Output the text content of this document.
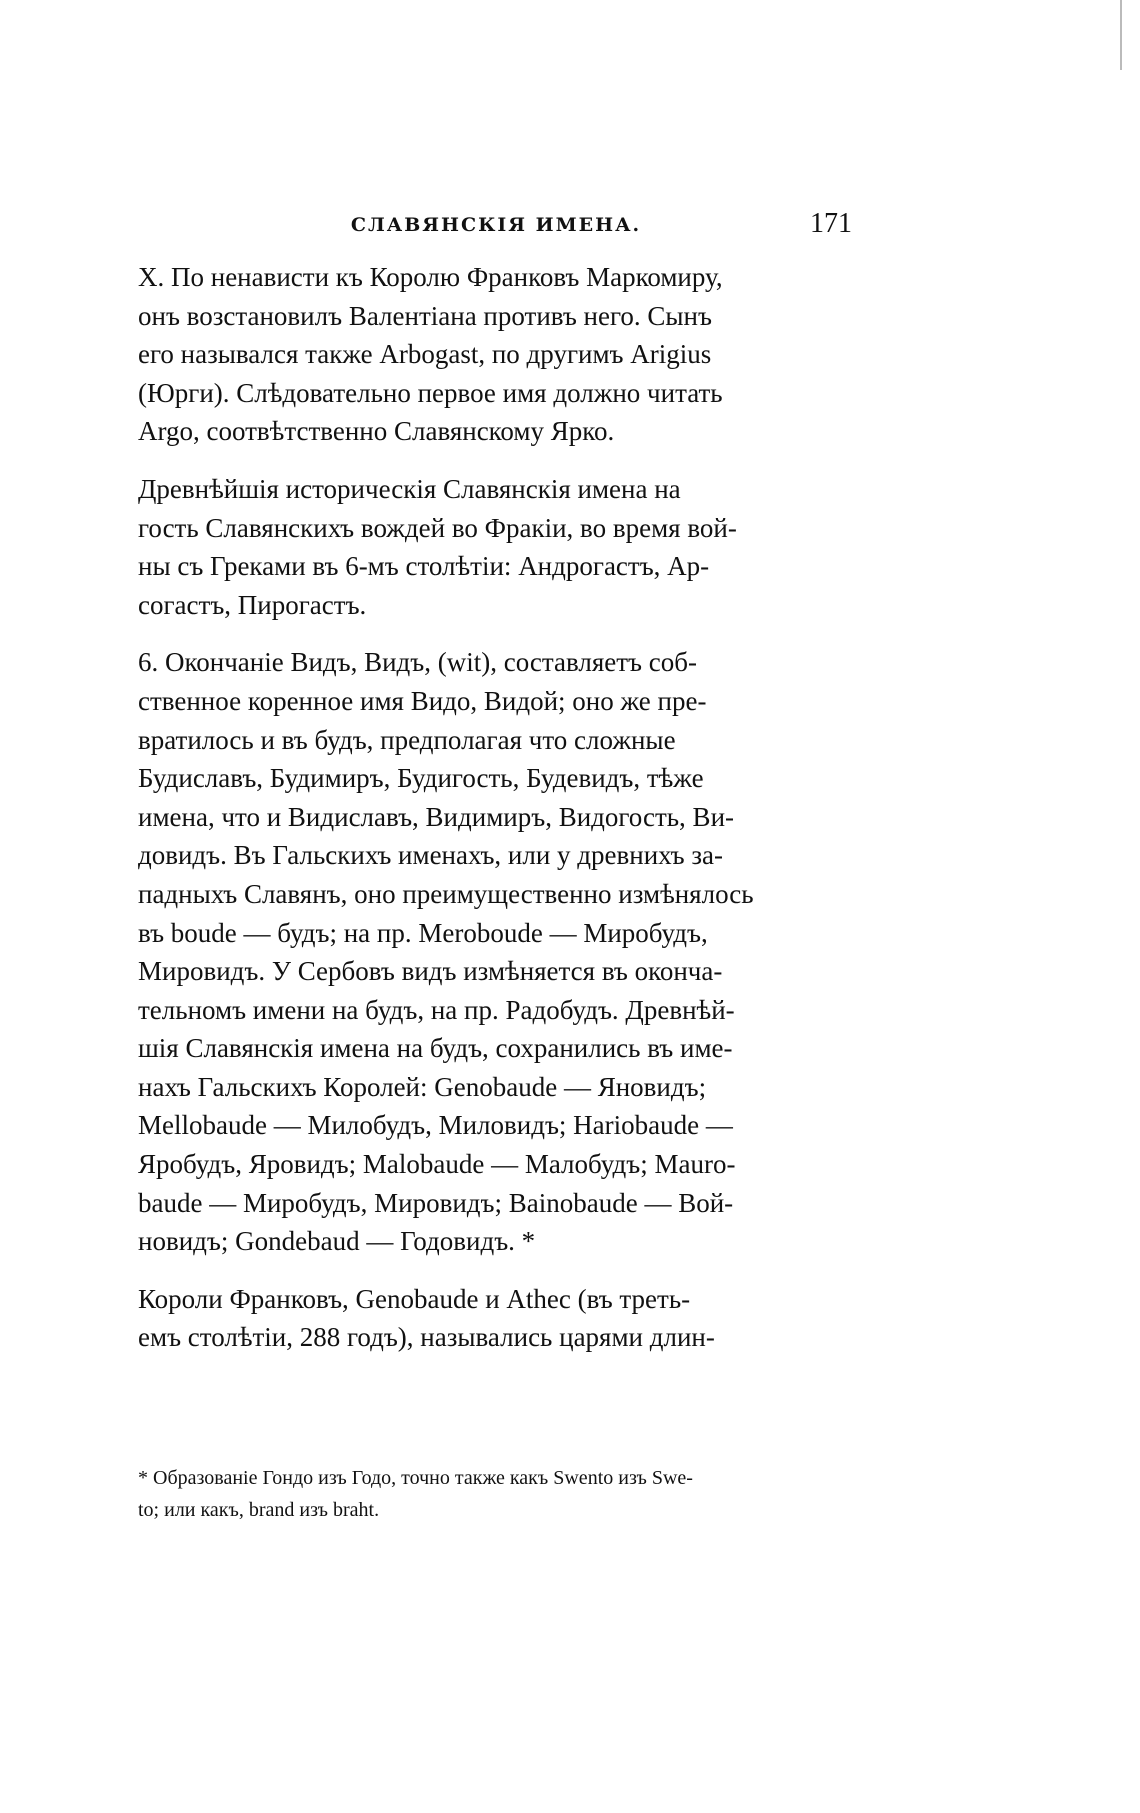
СЛАВЯНСКІЯ ИМЕНА.	171

X. По ненависти къ Королю Франковъ Маркомиру,
онъ возстановилъ Валентіана противъ него. Сынъ
его назывался также Arbogast, по другимъ Arigius
(Юрги). Слѣдовательно первое имя должно читать
Argo, соотвѣтственно Славянскому Ярко.

Древнѣйшія историческія Славянскія имена на
гость Славянскихъ вождей во Фракіи, во время вой-
ны съ Греками въ 6-мъ столѣтіи: Андрогастъ, Ар-
согастъ, Пирогастъ.

6. Окончаніе Видъ, Видъ, (wit), составляетъ соб-
ственное коренное имя Видо, Видой; оно же пре-
вратилось и въ будъ, предполагая что сложные
Будиславъ, Будимиръ, Будигость, Будевидъ, тѣже
имена, что и Видиславъ, Видимиръ, Видогость, Ви-
довидъ. Въ Гальскихъ именахъ, или у древнихъ за-
падныхъ Славянъ, оно преимущественно измѣнялось
въ boude — будъ; на пр. Meroboude — Миробудъ,
Мировидъ. У Сербовъ видъ измѣняется въ оконча-
тельномъ имени на будъ, на пр. Радобудъ. Древнѣй-
шія Славянскія имена на будъ, сохранились въ име-
нахъ Гальскихъ Королей: Genobaude — Яновидъ;
Mellobaude — Милобудъ, Миловидъ; Hariobaude —
Яробудъ, Яровидъ; Malobaude — Малобудъ; Mauro-
baude — Миробудъ, Мировидъ; Bainobaude — Вой-
новидъ; Gondebaud — Годовидъ. *

Короли Франковъ, Genobaude и Athec (въ треть-
емъ столѣтіи, 288 годъ), назывались царями длин-

* Образованіе Гондо изъ Годо, точно также какъ Swento изъ Swe-
to; или какъ, brand изъ braht.
